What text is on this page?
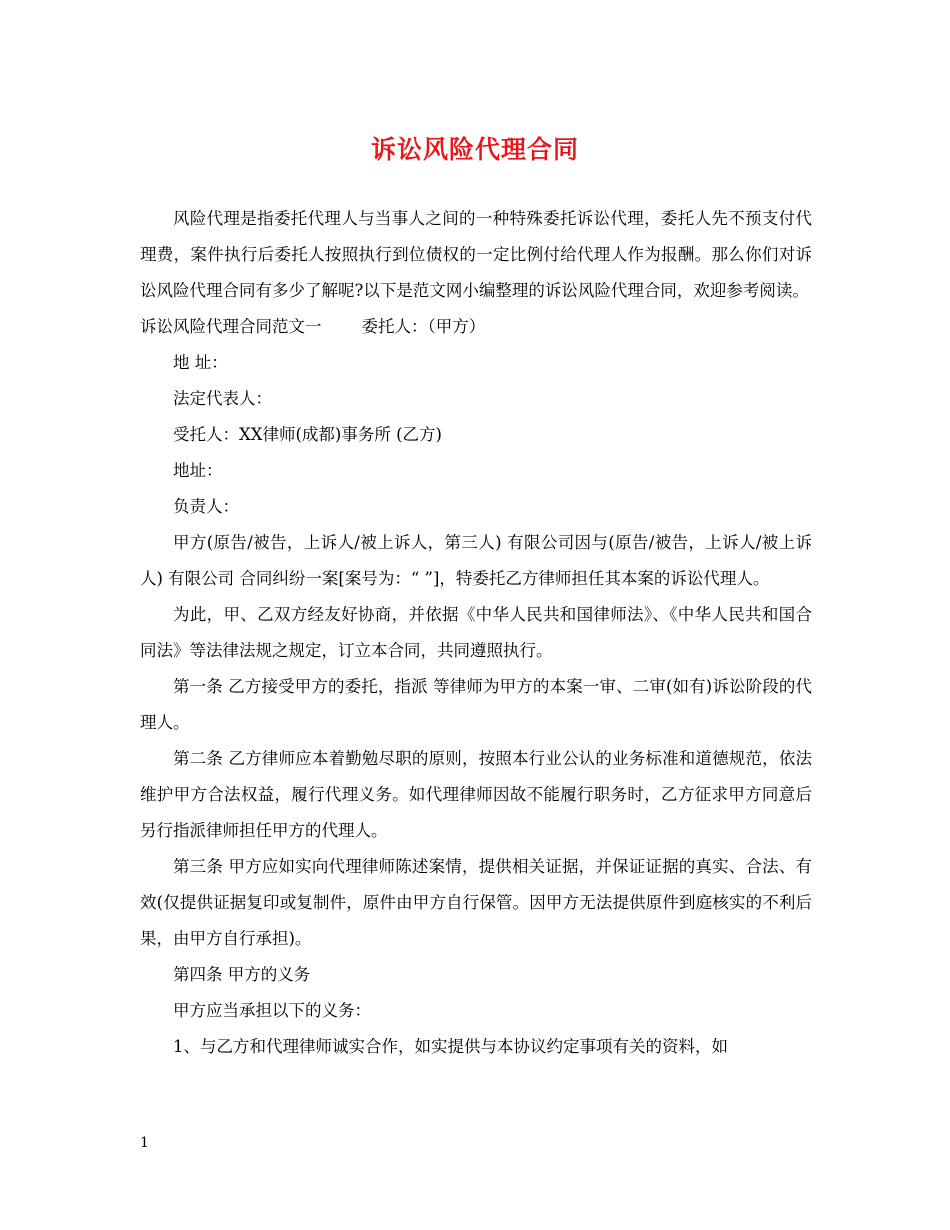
诉讼风险代理合同

风险代理是指委托代理人与当事人之间的一种特殊委托诉讼代理，委托人先不预支付代理费，案件执行后委托人按照执行到位债权的一定比例付给代理人作为报酬。那么你们对诉讼风险代理合同有多少了解呢?以下是范文网小编整理的诉讼风险代理合同，欢迎参考阅读。

诉讼风险代理合同范文一 委托人：（甲方）

地 址：

法定代表人：

受托人：XX律师(成都)事务所 (乙方)

地址：

负责人：

甲方(原告/被告，上诉人/被上诉人，第三人) 有限公司因与(原告/被告，上诉人/被上诉人) 有限公司 合同纠纷一案[案号为：“ ”]，特委托乙方律师担任其本案的诉讼代理人。

为此，甲、乙双方经友好协商，并依据《中华人民共和国律师法》、《中华人民共和国合同法》等法律法规之规定，订立本合同，共同遵照执行。

第一条 乙方接受甲方的委托，指派 等律师为甲方的本案一审、二审(如有)诉讼阶段的代理人。

第二条 乙方律师应本着勤勉尽职的原则，按照本行业公认的业务标准和道德规范，依法维护甲方合法权益，履行代理义务。如代理律师因故不能履行职务时，乙方征求甲方同意后另行指派律师担任甲方的代理人。

第三条 甲方应如实向代理律师陈述案情，提供相关证据，并保证证据的真实、合法、有效(仅提供证据复印或复制件，原件由甲方自行保管。因甲方无法提供原件到庭核实的不利后果，由甲方自行承担)。

第四条 甲方的义务

甲方应当承担以下的义务：

1、与乙方和代理律师诚实合作，如实提供与本协议约定事项有关的资料，如

1
